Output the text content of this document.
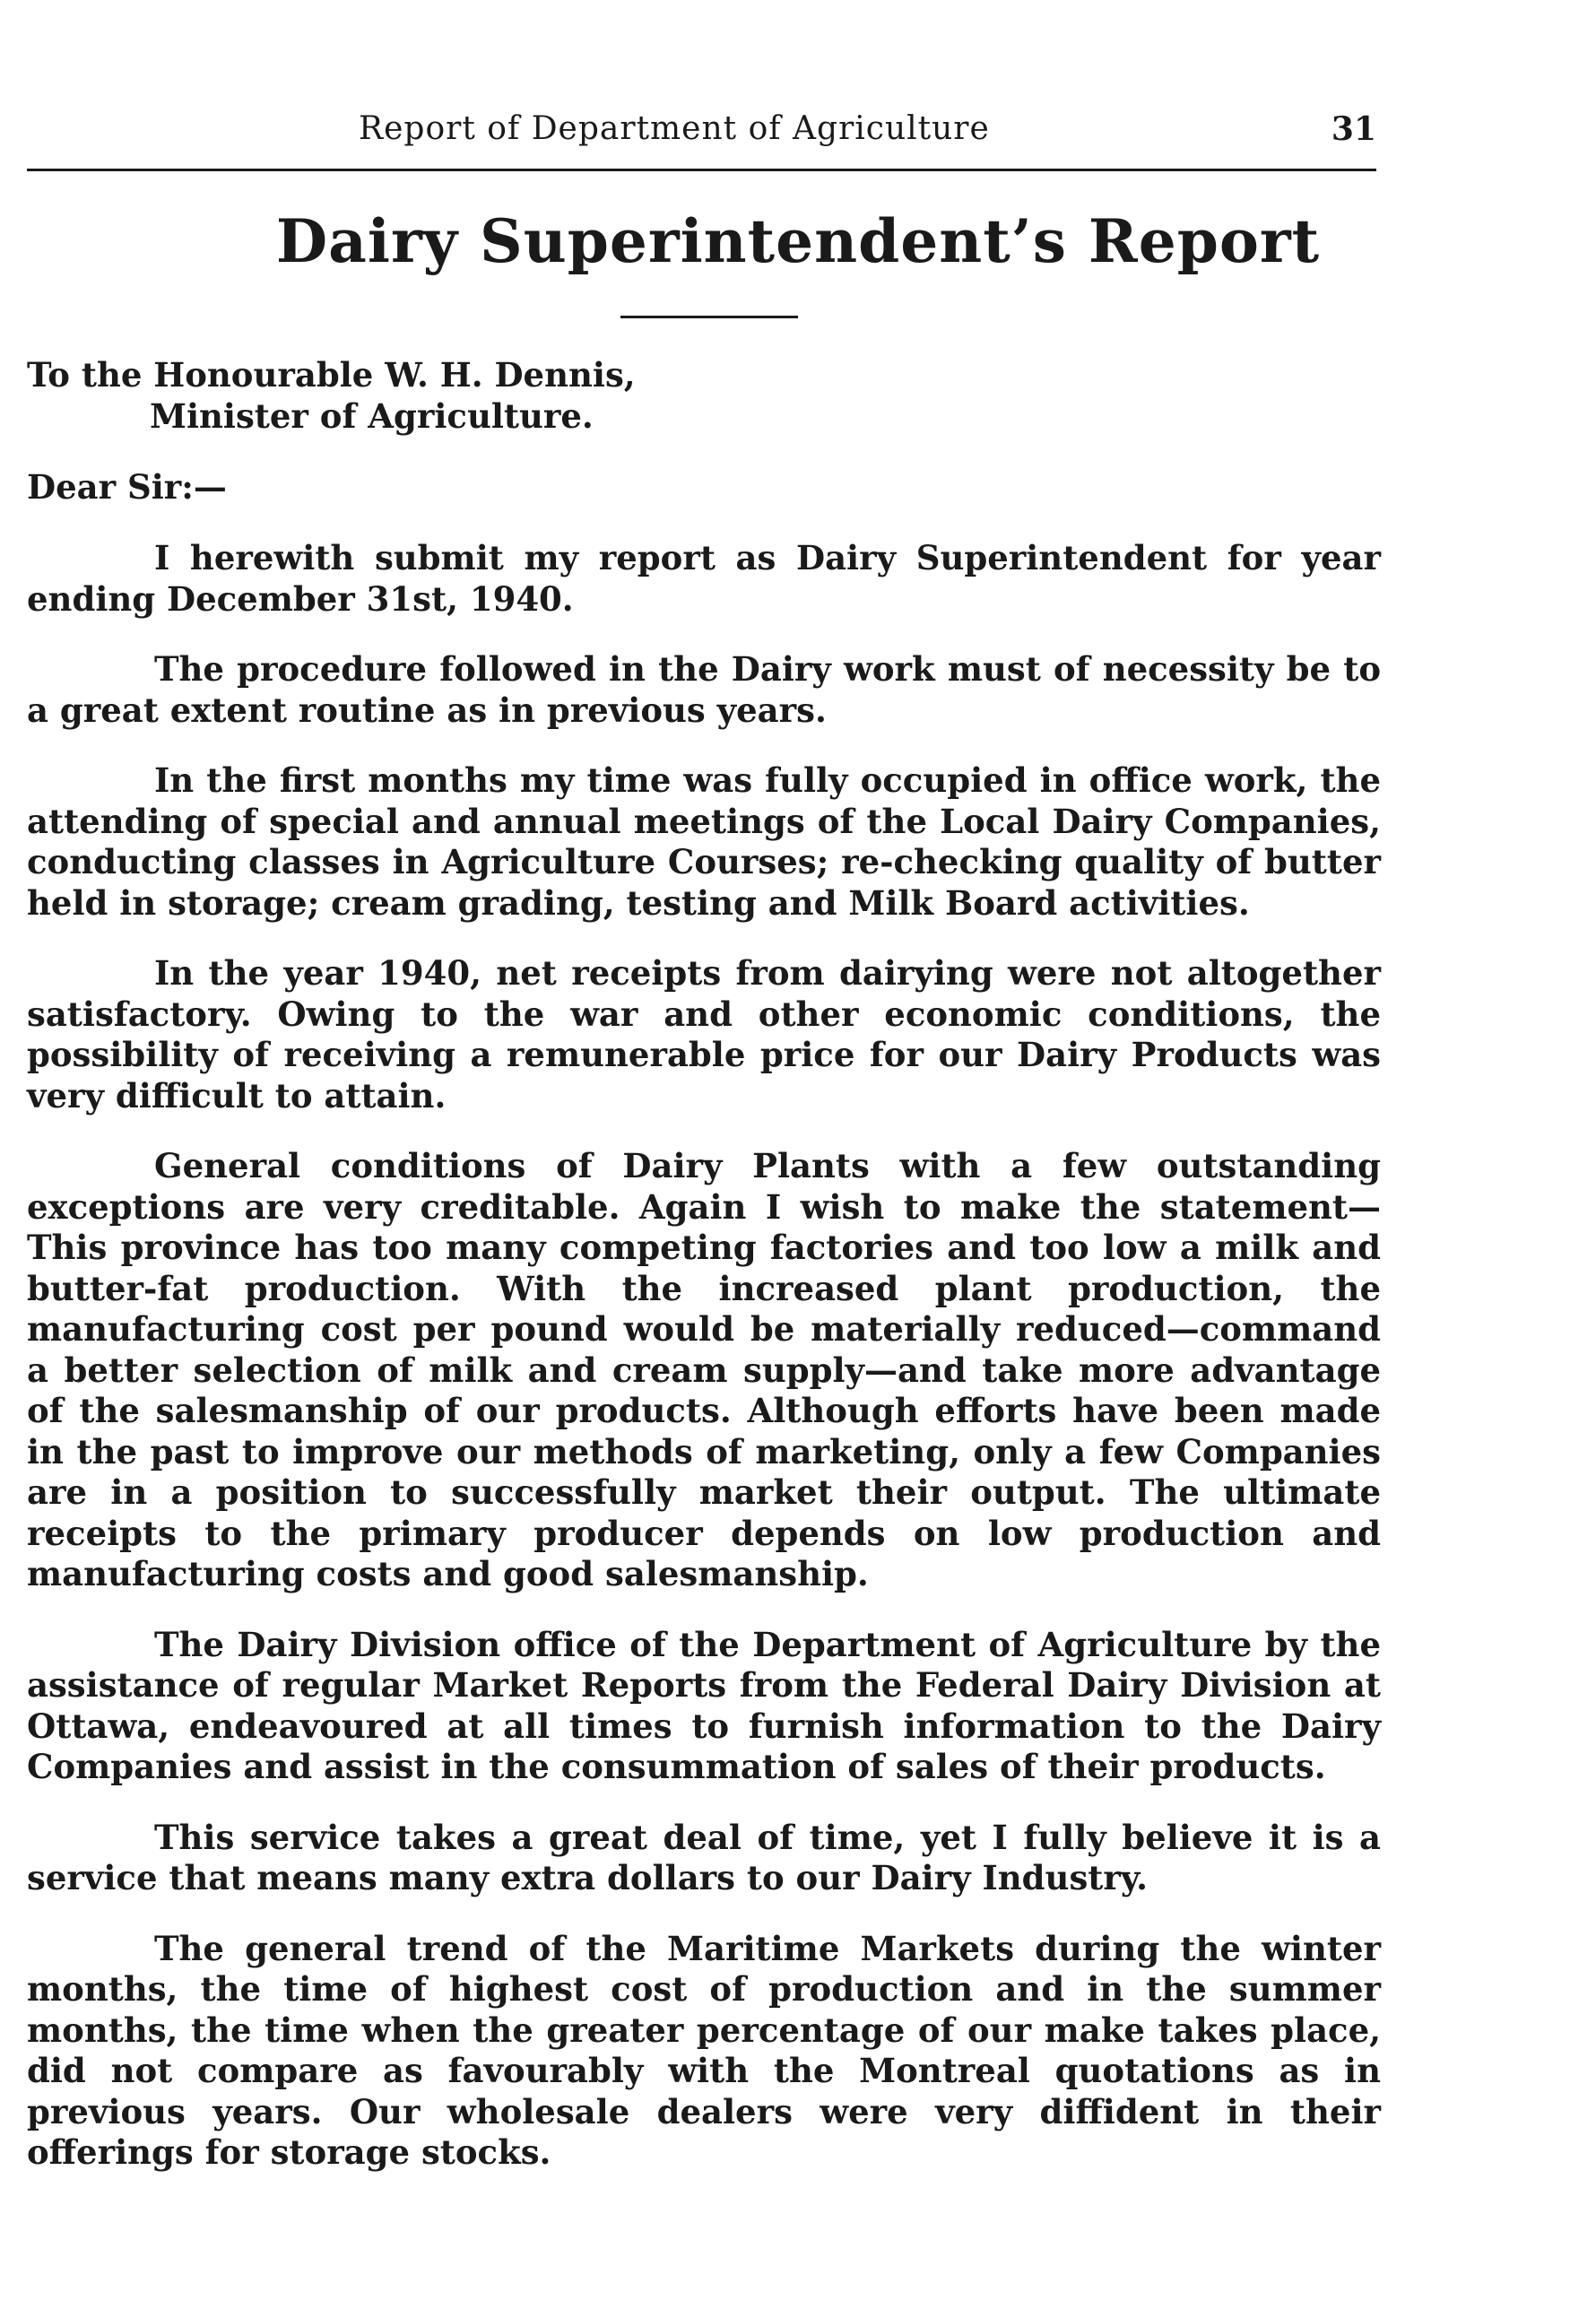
Report of Department of Agriculture	31
Dairy Superintendent’s Report
To the Honourable W. H. Dennis,
Minister of Agriculture.
Dear Sir:—

I herewith submit my report as Dairy Superintendent for year ending December 31st, 1940.

The procedure followed in the Dairy work must of necessity be to a great extent routine as in previous years.

In the first months my time was fully occupied in office work, the attending of special and annual meetings of the Local Dairy Companies, conducting classes in Agriculture Courses; re-checking quality of butter held in storage; cream grading, testing and Milk Board activities.

In the year 1940, net receipts from dairying were not altogether satisfactory. Owing to the war and other economic conditions, the possibility of receiving a remunerable price for our Dairy Products was very difficult to attain.

General conditions of Dairy Plants with a few outstanding exceptions are very creditable. Again I wish to make the statement—This province has too many competing factories and too low a milk and butter-fat production. With the increased plant production, the manufacturing cost per pound would be materially reduced—command a better selection of milk and cream supply—and take more advantage of the salesmanship of our products. Although efforts have been made in the past to improve our methods of marketing, only a few Companies are in a position to successfully market their output. The ultimate receipts to the primary producer depends on low production and manufacturing costs and good salesmanship.

The Dairy Division office of the Department of Agriculture by the assistance of regular Market Reports from the Federal Dairy Division at Ottawa, endeavoured at all times to furnish information to the Dairy Companies and assist in the consummation of sales of their products.

This service takes a great deal of time, yet I fully believe it is a service that means many extra dollars to our Dairy Industry.

The general trend of the Maritime Markets during the winter months, the time of highest cost of production and in the summer months, the time when the greater percentage of our make takes place, did not compare as favourably with the Montreal quotations as in previous years. Our wholesale dealers were very diffident in their offerings for storage stocks.
